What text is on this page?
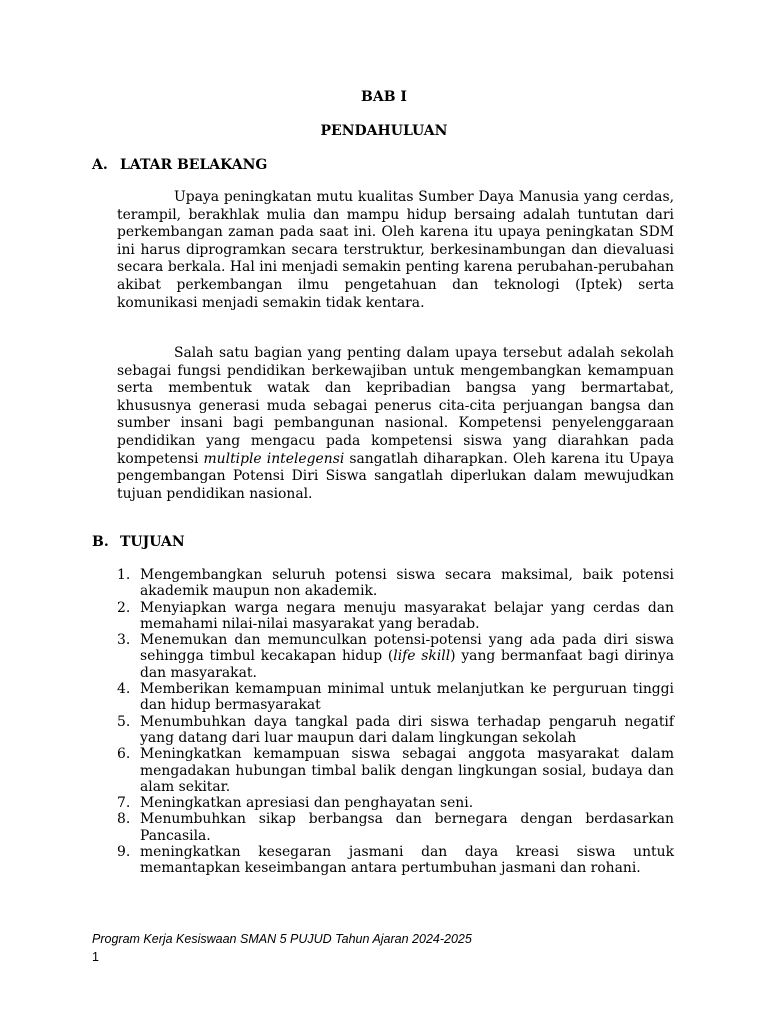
BAB I
PENDAHULUAN
A. LATAR BELAKANG

Upaya peningkatan mutu kualitas Sumber Daya Manusia yang cerdas, terampil, berakhlak mulia dan mampu hidup bersaing adalah tuntutan dari perkembangan zaman pada saat ini. Oleh karena itu upaya peningkatan SDM ini harus diprogramkan secara terstruktur, berkesinambungan dan dievaluasi secara berkala. Hal ini menjadi semakin penting karena perubahan-perubahan akibat perkembangan ilmu pengetahuan dan teknologi (Iptek) serta komunikasi menjadi semakin tidak kentara.

Salah satu bagian yang penting dalam upaya tersebut adalah sekolah sebagai fungsi pendidikan berkewajiban untuk mengembangkan kemampuan serta membentuk watak dan kepribadian bangsa yang bermartabat, khususnya generasi muda sebagai penerus cita-cita perjuangan bangsa dan sumber insani bagi pembangunan nasional. Kompetensi penyelenggaraan pendidikan yang mengacu pada kompetensi siswa yang diarahkan pada kompetensi multiple intelegensi sangatlah diharapkan. Oleh karena itu Upaya pengembangan Potensi Diri Siswa sangatlah diperlukan dalam mewujudkan tujuan pendidikan nasional.

B. TUJUAN
1. Mengembangkan seluruh potensi siswa secara maksimal, baik potensi akademik maupun non akademik.
2. Menyiapkan warga negara menuju masyarakat belajar yang cerdas dan memahami nilai-nilai masyarakat yang beradab.
3. Menemukan dan memunculkan potensi-potensi yang ada pada diri siswa sehingga timbul kecakapan hidup (life skill) yang bermanfaat bagi dirinya dan masyarakat.
4. Memberikan kemampuan minimal untuk melanjutkan ke perguruan tinggi dan hidup bermasyarakat
5. Menumbuhkan daya tangkal pada diri siswa terhadap pengaruh negatif yang datang dari luar maupun dari dalam lingkungan sekolah
6. Meningkatkan kemampuan siswa sebagai anggota masyarakat dalam mengadakan hubungan timbal balik dengan lingkungan sosial, budaya dan alam sekitar.
7. Meningkatkan apresiasi dan penghayatan seni.
8. Menumbuhkan sikap berbangsa dan bernegara dengan berdasarkan Pancasila.
9. meningkatkan kesegaran jasmani dan daya kreasi siswa untuk memantapkan keseimbangan antara pertumbuhan jasmani dan rohani.
Program Kerja Kesiswaan SMAN 5 PUJUD Tahun Ajaran 2024-2025
1
